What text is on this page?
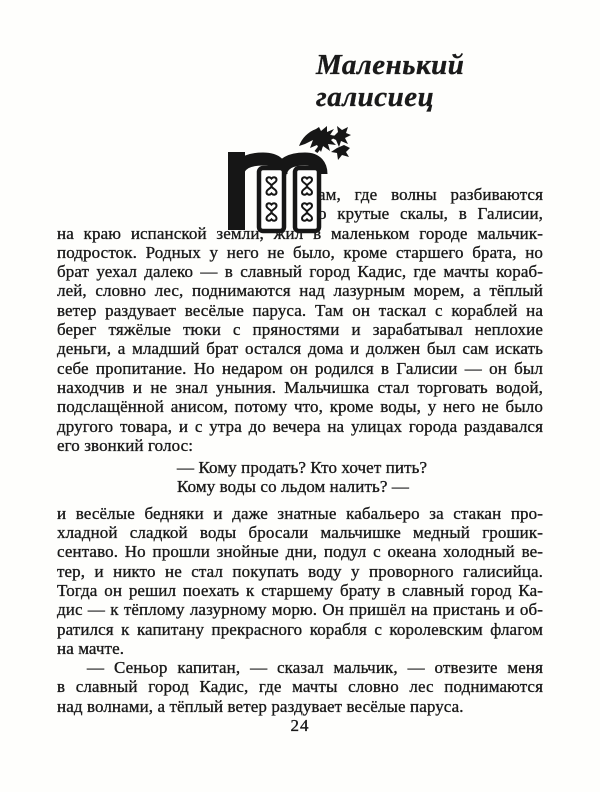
Маленький
галисиец
ам, где волны разбиваются
о крутые скалы, в Галисии,
на краю испанской земли, жил в маленьком городе мальчик-
подросток. Родных у него не было, кроме старшего брата, но
брат уехал далеко — в славный город Кадис, где мачты кораб-
лей, словно лес, поднимаются над лазурным морем, а тёплый
ветер раздувает весёлые паруса. Там он таскал с кораблей на
берег тяжёлые тюки с пряностями и зарабатывал неплохие
деньги, а младший брат остался дома и должен был сам искать
себе пропитание. Но недаром он родился в Галисии — он был
находчив и не знал уныния. Мальчишка стал торговать водой,
подслащённой анисом, потому что, кроме воды, у него не было
другого товара, и с утра до вечера на улицах города раздавался
его звонкий голос:
— Кому продать? Кто хочет пить?
Кому воды со льдом налить? —
и весёлые бедняки и даже знатные кабальеро за стакан про-
хладной сладкой воды бросали мальчишке медный грошик-
сентаво. Но прошли знойные дни, подул с океана холодный ве-
тер, и никто не стал покупать воду у проворного галисийца.
Тогда он решил поехать к старшему брату в славный город Ка-
дис — к тёплому лазурному морю. Он пришёл на пристань и об-
ратился к капитану прекрасного корабля с королевским флагом
на мачте.
— Сеньор капитан, — сказал мальчик, — отвезите меня
в славный город Кадис, где мачты словно лес поднимаются
над волнами, а тёплый ветер раздувает весёлые паруса.
24
